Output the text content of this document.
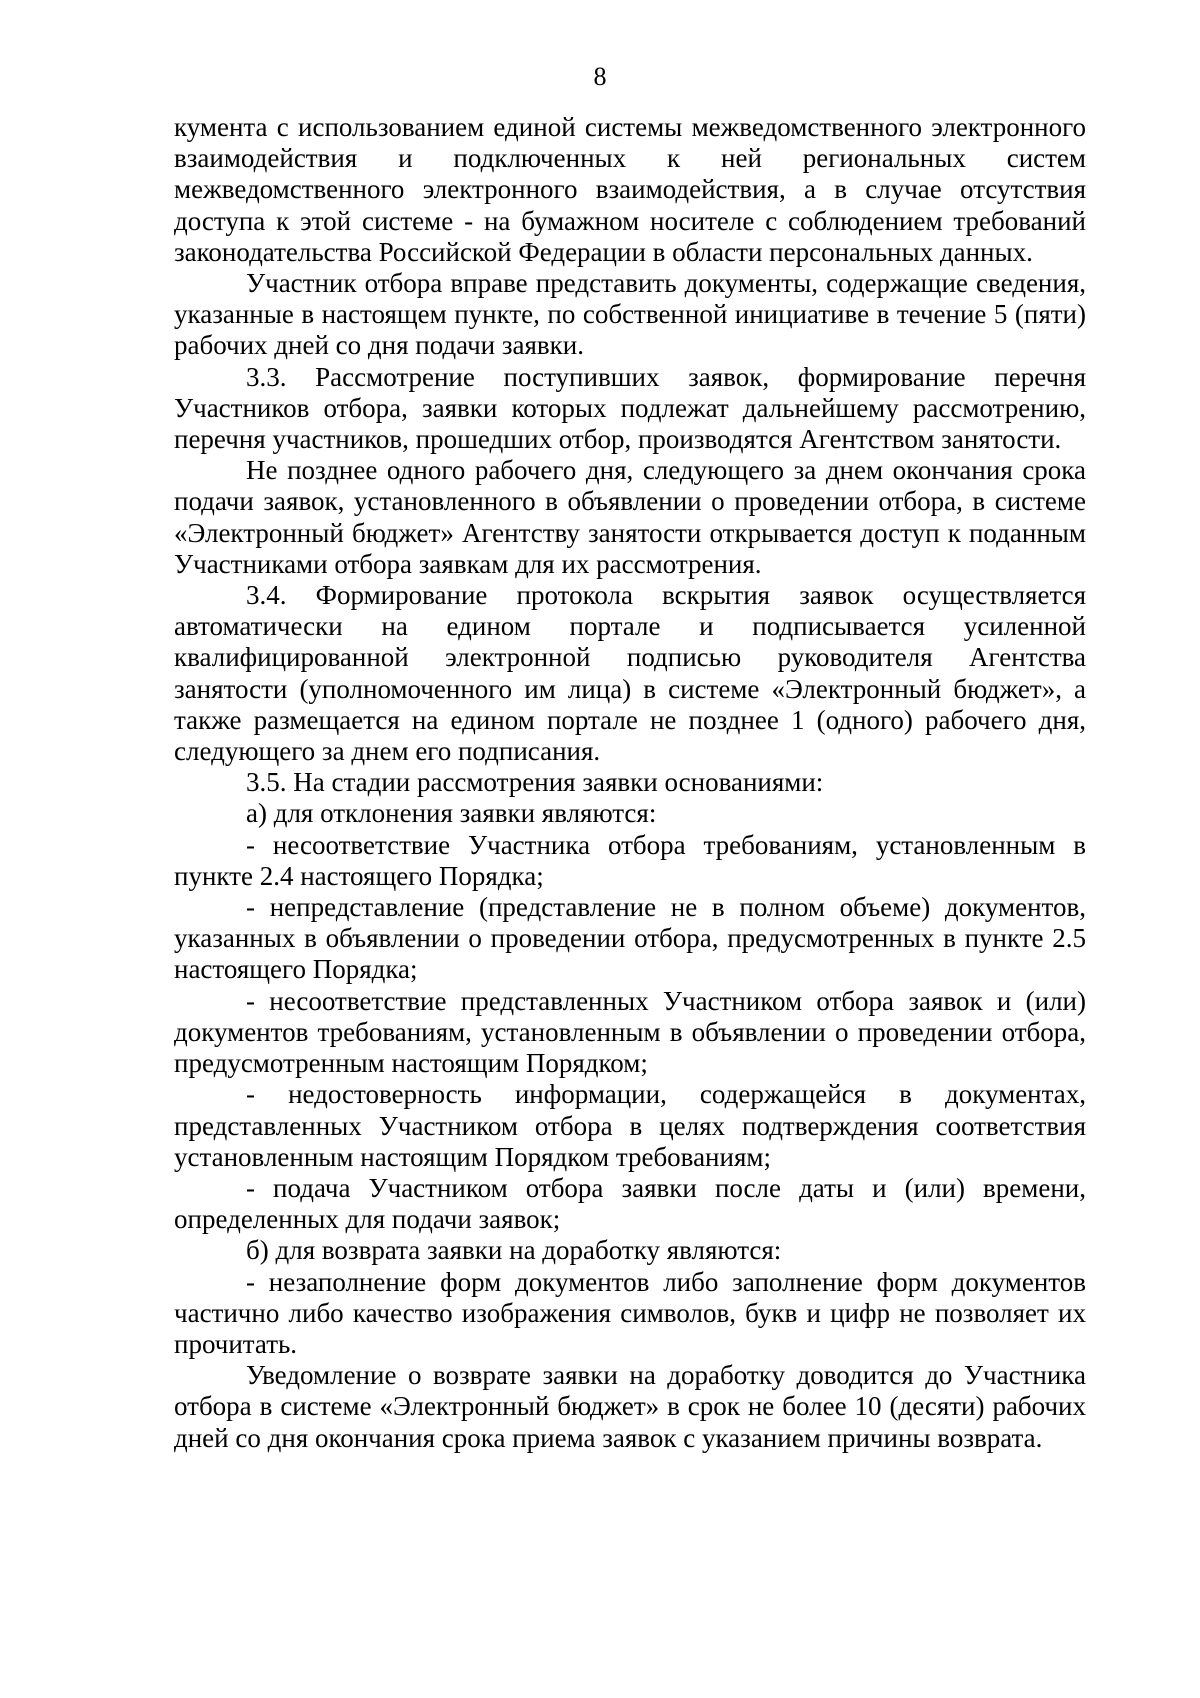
8

кумента с использованием единой системы межведомственного электронного взаимодействия и подключенных к ней региональных систем межведомственного электронного взаимодействия, а в случае отсутствия доступа к этой системе - на бумажном носителе с соблюдением требований законодательства Российской Федерации в области персональных данных.

Участник отбора вправе представить документы, содержащие сведения, указанные в настоящем пункте, по собственной инициативе в течение 5 (пяти) рабочих дней со дня подачи заявки.

3.3. Рассмотрение поступивших заявок, формирование перечня Участников отбора, заявки которых подлежат дальнейшему рассмотрению, перечня участников, прошедших отбор, производятся Агентством занятости.

Не позднее одного рабочего дня, следующего за днем окончания срока подачи заявок, установленного в объявлении о проведении отбора, в системе «Электронный бюджет» Агентству занятости открывается доступ к поданным Участниками отбора заявкам для их рассмотрения.

3.4. Формирование протокола вскрытия заявок осуществляется автоматически на едином портале и подписывается усиленной квалифицированной электронной подписью руководителя Агентства занятости (уполномоченного им лица) в системе «Электронный бюджет», а также размещается на едином портале не позднее 1 (одного) рабочего дня, следующего за днем его подписания.

3.5. На стадии рассмотрения заявки основаниями:

а) для отклонения заявки являются:

- несоответствие Участника отбора требованиям, установленным в пункте 2.4 настоящего Порядка;

- непредставление (представление не в полном объеме) документов, указанных в объявлении о проведении отбора, предусмотренных в пункте 2.5 настоящего Порядка;

- несоответствие представленных Участником отбора заявок и (или) документов требованиям, установленным в объявлении о проведении отбора, предусмотренным настоящим Порядком;

- недостоверность информации, содержащейся в документах, представленных Участником отбора в целях подтверждения соответствия установленным настоящим Порядком требованиям;

- подача Участником отбора заявки после даты и (или) времени, определенных для подачи заявок;

б) для возврата заявки на доработку являются:

- незаполнение форм документов либо заполнение форм документов частично либо качество изображения символов, букв и цифр не позволяет их прочитать.

Уведомление о возврате заявки на доработку доводится до Участника отбора в системе «Электронный бюджет» в срок не более 10 (десяти) рабочих дней со дня окончания срока приема заявок с указанием причины возврата.
